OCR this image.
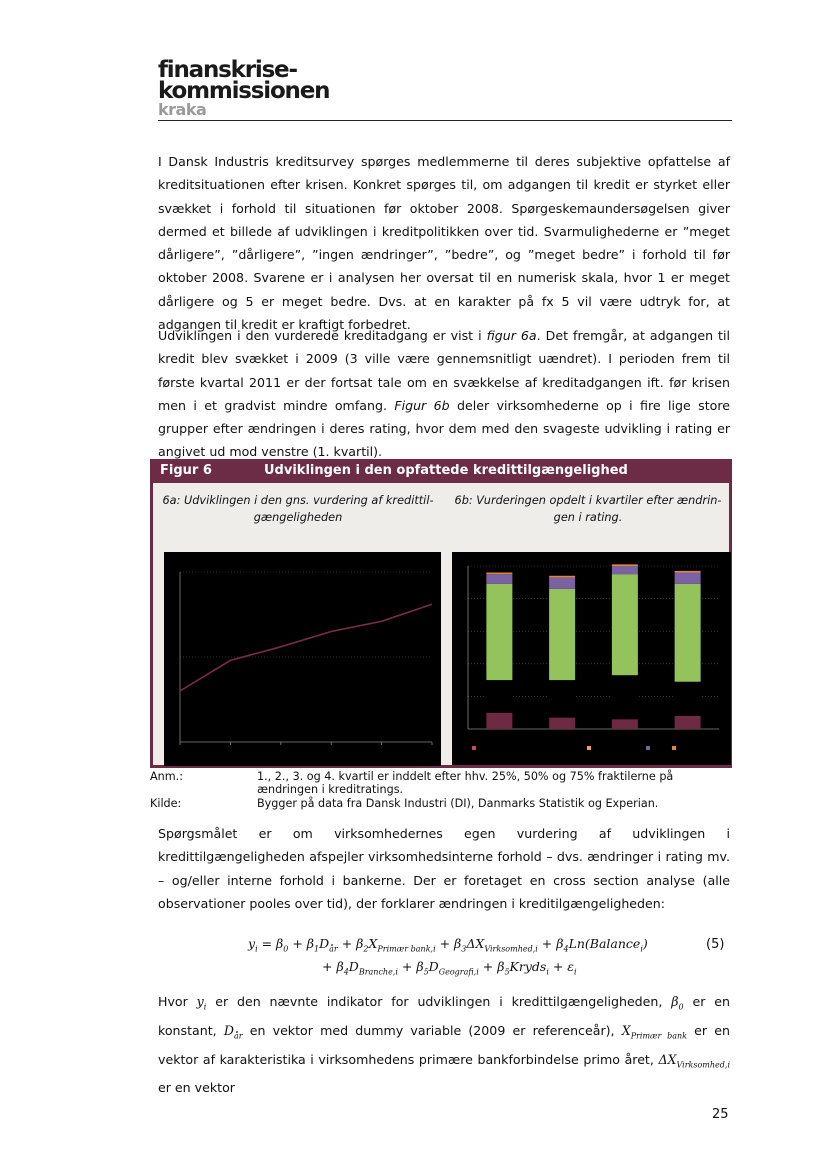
finanskrise-
kommissionen
kraka

I Dansk Industris kreditsurvey spørges medlemmerne til deres subjektive opfattelse af kreditsituationen efter krisen. Konkret spørges til, om adgangen til kredit er styrket eller svækket i forhold til situationen før oktober 2008. Spørgeskemaundersøgelsen giver dermed et billede af udviklingen i kreditpolitikken over tid. Svarmulighederne er ”meget dårligere”, ”dårligere”, ”ingen ændringer”, ”bedre”, og ”meget bedre” i forhold til før oktober 2008. Svarene er i analysen her oversat til en numerisk skala, hvor 1 er meget dårligere og 5 er meget bedre. Dvs. at en karakter på fx 5 vil være udtryk for, at adgangen til kredit er kraftigt forbedret.

Udviklingen i den vurderede kreditadgang er vist i figur 6a. Det fremgår, at adgangen til kredit blev svækket i 2009 (3 ville være gennemsnitligt uændret). I perioden frem til første kvartal 2011 er der fortsat tale om en svækkelse af kreditadgangen ift. før krisen men i et gradvist mindre omfang. Figur 6b deler virksomhederne op i fire lige store grupper efter ændringen i deres rating, hvor dem med den svageste udvikling i rating er angivet ud mod venstre (1. kvartil).

Figur 6	Udviklingen i den opfattede kredittilgængelighed
6a: Udviklingen i den gns. vurdering af kredittil-gængeligheden
6b: Vurderingen opdelt i kvartiler efter ændrin-gen i rating.
Anm.:	1., 2., 3. og 4. kvartil er inddelt efter hhv. 25%, 50% og 75% fraktilerne på ændringen i kreditratings.
Kilde:	Bygger på data fra Dansk Industri (DI), Danmarks Statistik og Experian.

Spørgsmålet er om virksomhedernes egen vurdering af udviklingen i kredittilgængeligheden afspejler virksomhedsinterne forhold – dvs. ændringer i rating mv. – og/eller interne forhold i bankerne. Der er foretaget en cross section analyse (alle observationer pooles over tid), der forklarer ændringen i kreditilgængeligheden:

$y_i = \beta_0 + \beta_1D_{år} + \beta_2X_{Primær bank,i} + \beta_3\Delta X_{Virksomhed,i}$ + $\beta_4Ln(Balance_i)$
+ $\beta_4D_{Branche,i} + \beta_5D_{Geografi,i}$ + $\beta_5Kryds_i + \varepsilon_i$
(5)

Hvor $y_i$ er den nævnte indikator for udviklingen i kredittilgængeligheden, $\beta_0$ er en konstant, $D_{år}$ en vektor med dummy variable (2009 er referenceår), $X_{Primær bank}$ er en vektor af karakteristika i virksomhedens primære bankforbindelse primo året, $\Delta X_{Virksomhed,i}$ er en vektor

25
